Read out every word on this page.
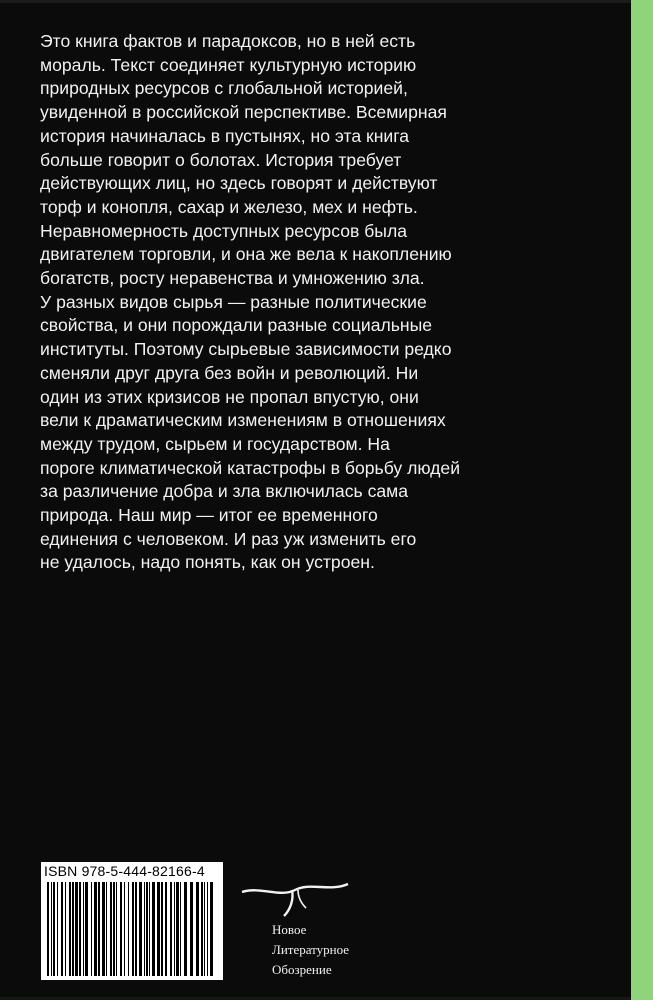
Это книга фактов и парадоксов, но в ней есть
мораль. Текст соединяет культурную историю
природных ресурсов с глобальной историей,
увиденной в российской перспективе. Всемирная
история начиналась в пустынях, но эта книга
больше говорит о болотах. История требует
действующих лиц, но здесь говорят и действуют
торф и конопля, сахар и железо, мех и нефть.
Неравномерность доступных ресурсов была
двигателем торговли, и она же вела к накоплению
богатств, росту неравенства и умножению зла.
У разных видов сырья — разные политические
свойства, и они порождали разные социальные
институты. Поэтому сырьевые зависимости редко
сменяли друг друга без войн и революций. Ни
один из этих кризисов не пропал впустую, они
вели к драматическим изменениям в отношениях
между трудом, сырьем и государством. На
пороге климатической катастрофы в борьбу людей
за различение добра и зла включилась сама
природа. Наш мир — итог ее временного
единения с человеком. И раз уж изменить его
не удалось, надо понять, как он устроен.
ISBN 978-5-444-82166-4
Новое
Литературное
Обозрение
